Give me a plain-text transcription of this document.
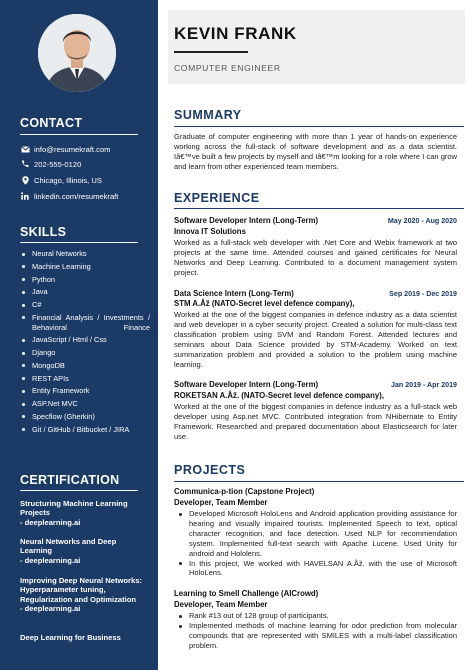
CONTACT
info@resumekraft.com
202-555-0120
Chicago, Illinois, US
linkedin.com/resumekraft
SKILLS
Neural Networks
Machine Learning
Python
Java
C#
Financial Analysis / Investments / Behavioral Finance
JavaScript / Html / Css
Django
MongoDB
REST APIs
Entity Framework
ASP.Net MVC
Specflow (Gherkin)
Git / GitHub / Bitbucket / JIRA
CERTIFICATION
Structuring Machine Learning Projects
- deeplearning.ai
Neural Networks and Deep Learning
- deeplearning.ai
Improving Deep Neural Networks: Hyperparameter tuning, Regularization and Optimization
- deeplearning.ai
Deep Learning for Business
KEVIN FRANK
COMPUTER ENGINEER
SUMMARY
Graduate of computer engineering with more than 1 year of hands-on experience working across the full-stack of software development and as a data scientist. Iâ€™ve built a few projects by myself and Iâ€™m looking for a role where I can grow and learn from other experienced team members.
EXPERIENCE
Software Developer Intern (Long-Term)	May 2020 - Aug 2020
Innova IT Solutions
Worked as a full-stack web developer with .Net Core and Webix framework at two projects at the same time. Attended courses and gained certificates for Neural Networks and Deep Learning. Contributed to a document management system project.
Data Science Intern (Long-Term)	Sep 2019 - Dec 2019
STM A.Åž (NATO-Secret level defence company),
Worked at the one of the biggest companies in defence industry as a data scientist and web developer in a cyber security project. Created a solution for multi-class text classification problem using SVM and Random Forest. Attended lectures and seminars about Data Science provided by STM-Academy. Worked on text summarization problem and provided a solution to the problem using machine learning.
Software Developer Intern (Long-Term)	Jan 2019 - Apr 2019
ROKETSAN A.Åž. (NATO-Secret level defence company),
Worked at the one of the biggest companies in defence industry as a full-stack web developer using Asp.net MVC. Contributed integration from NHibernate to Entity Framework. Researched and prepared documentation about Elasticsearch for later use.
PROJECTS
Communica-p-tion (Capstone Project)
Developer, Team Member
Developed Microsoft HoloLens and Android application providing assistance for hearing and visually impaired tourists. Implemented Speech to text, optical character recognition, and face detection. Used NLP for recommendation system. Implemented full-text search with Apache Lucene. Used Unity for android and Hololens.
In this project, We worked with HAVELSAN A.Åž. with the use of Microsoft HoloLens.
Learning to Smell Challenge (AICrowd)
Developer, Team Member
Rank #13 out of 128 group of participants.
Implemented methods of machine learning for odor prediction from molecular compounds that are represented with SMILES with a multi-label classification problem.
